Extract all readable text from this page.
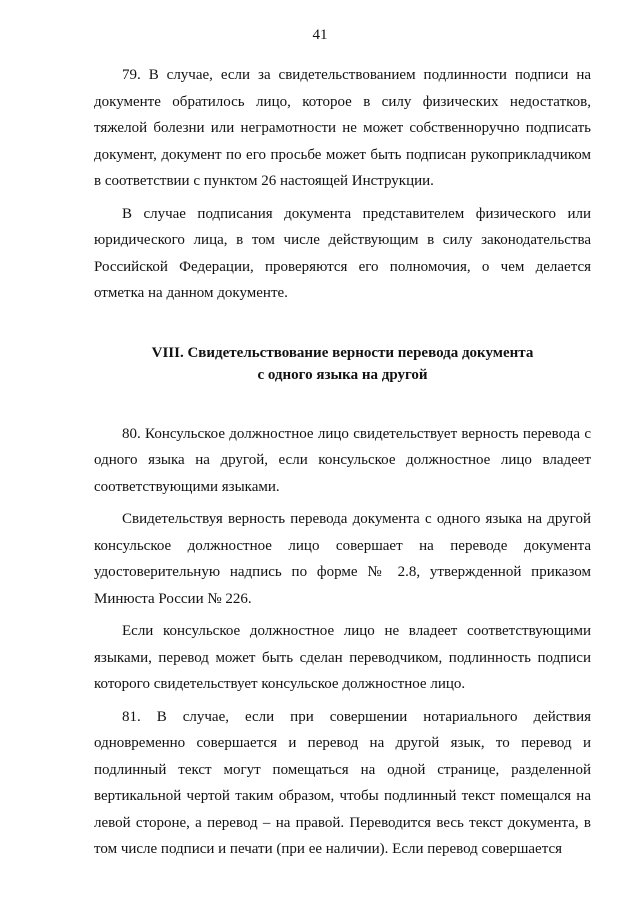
41

79. В случае, если за свидетельствованием подлинности подписи на документе обратилось лицо, которое в силу физических недостатков, тяжелой болезни или неграмотности не может собственноручно подписать документ, документ по его просьбе может быть подписан рукоприкладчиком в соответствии с пунктом 26 настоящей Инструкции.

В случае подписания документа представителем физического или юридического лица, в том числе действующим в силу законодательства Российской Федерации, проверяются его полномочия, о чем делается отметка на данном документе.

VIII. Свидетельствование верности перевода документа
с одного языка на другой

80. Консульское должностное лицо свидетельствует верность перевода с одного языка на другой, если консульское должностное лицо владеет соответствующими языками.

Свидетельствуя верность перевода документа с одного языка на другой консульское должностное лицо совершает на переводе документа удостоверительную надпись по форме № 2.8, утвержденной приказом Минюста России № 226.

Если консульское должностное лицо не владеет соответствующими языками, перевод может быть сделан переводчиком, подлинность подписи которого свидетельствует консульское должностное лицо.

81. В случае, если при совершении нотариального действия одновременно совершается и перевод на другой язык, то перевод и подлинный текст могут помещаться на одной странице, разделенной вертикальной чертой таким образом, чтобы подлинный текст помещался на левой стороне, а перевод – на правой. Переводится весь текст документа, в том числе подписи и печати (при ее наличии). Если перевод совершается
